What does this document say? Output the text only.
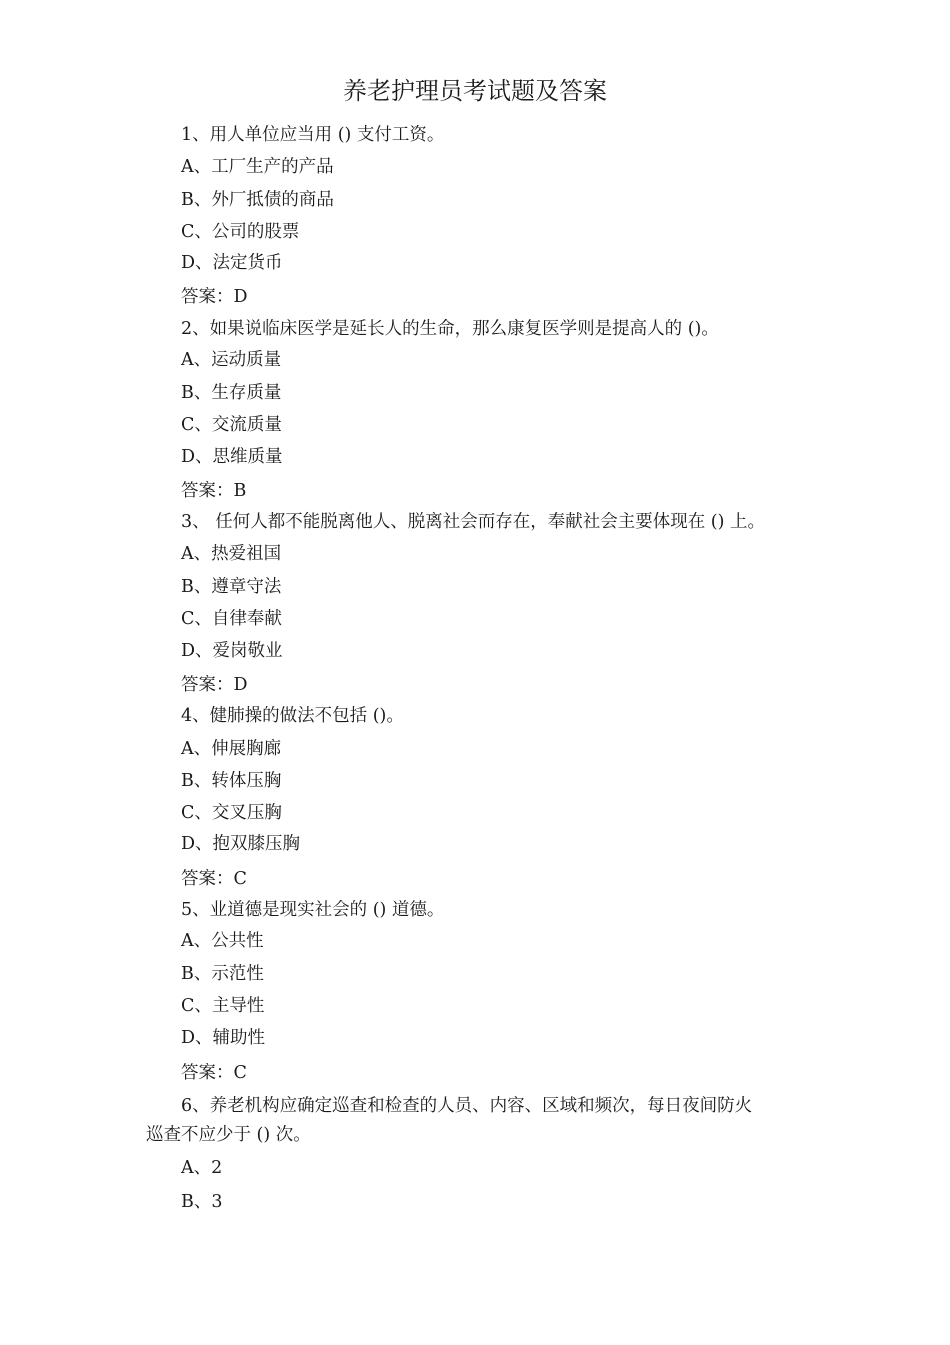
养老护理员考试题及答案
1、用人单位应当用 () 支付工资。
A、工厂生产的产品
B、外厂抵债的商品
C、公司的股票
D、法定货币
答案：D
2、如果说临床医学是延长人的生命，那么康复医学则是提高人的 ()。
A、运动质量
B、生存质量
C、交流质量
D、思维质量
答案：B
3、 任何人都不能脱离他人、脱离社会而存在，奉献社会主要体现在 () 上。
A、热爱祖国
B、遵章守法
C、自律奉献
D、爱岗敬业
答案：D
4、健肺操的做法不包括 ()。
A、伸展胸廊
B、转体压胸
C、交叉压胸
D、抱双膝压胸
答案：C
5、业道德是现实社会的 () 道德。
A、公共性
B、示范性
C、主导性
D、辅助性
答案：C
6、养老机构应确定巡查和检查的人员、内容、区域和频次，每日夜间防火
巡查不应少于 () 次。
A、2
B、3
